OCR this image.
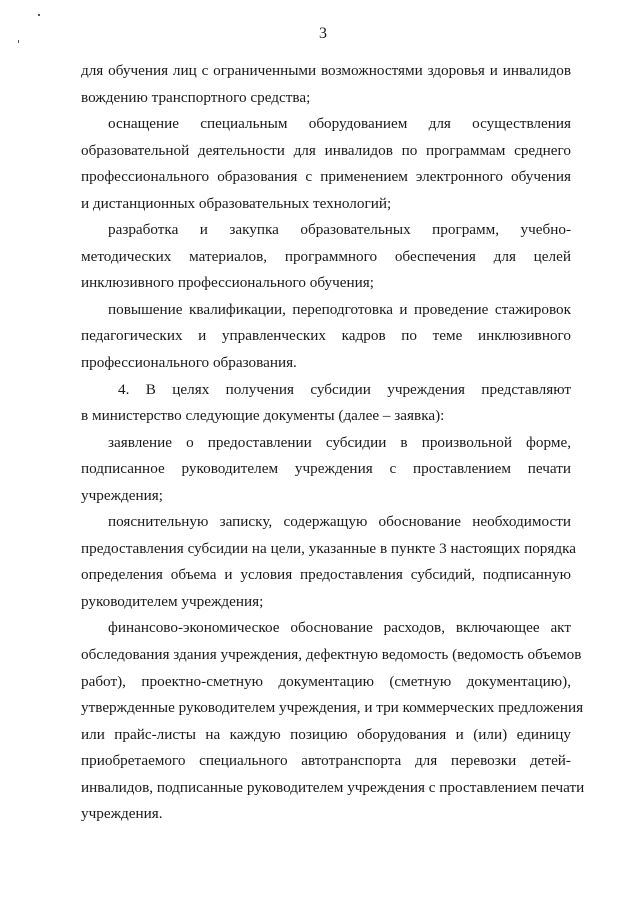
3
для обучения лиц с ограниченными возможностями здоровья и инвалидов
вождению транспортного средства;
оснащение специальным оборудованием для осуществления
образовательной деятельности для инвалидов по программам среднего
профессионального образования с применением электронного обучения
и дистанционных образовательных технологий;
разработка и закупка образовательных программ, учебно-
методических материалов, программного обеспечения для целей
инклюзивного профессионального обучения;
повышение квалификации, переподготовка и проведение стажировок
педагогических и управленческих кадров по теме инклюзивного
профессионального образования.
4. В целях получения субсидии учреждения представляют
в министерство следующие документы (далее – заявка):
заявление о предоставлении субсидии в произвольной форме,
подписанное руководителем учреждения с проставлением печати
учреждения;
пояснительную записку, содержащую обоснование необходимости
предоставления субсидии на цели, указанные в пункте 3 настоящих порядка
определения объема и условия предоставления субсидий, подписанную
руководителем учреждения;
финансово-экономическое обоснование расходов, включающее акт
обследования здания учреждения, дефектную ведомость (ведомость объемов
работ), проектно-сметную документацию (сметную документацию),
утвержденные руководителем учреждения, и три коммерческих предложения
или прайс-листы на каждую позицию оборудования и (или) единицу
приобретаемого специального автотранспорта для перевозки детей-
инвалидов, подписанные руководителем учреждения с проставлением печати
учреждения.
